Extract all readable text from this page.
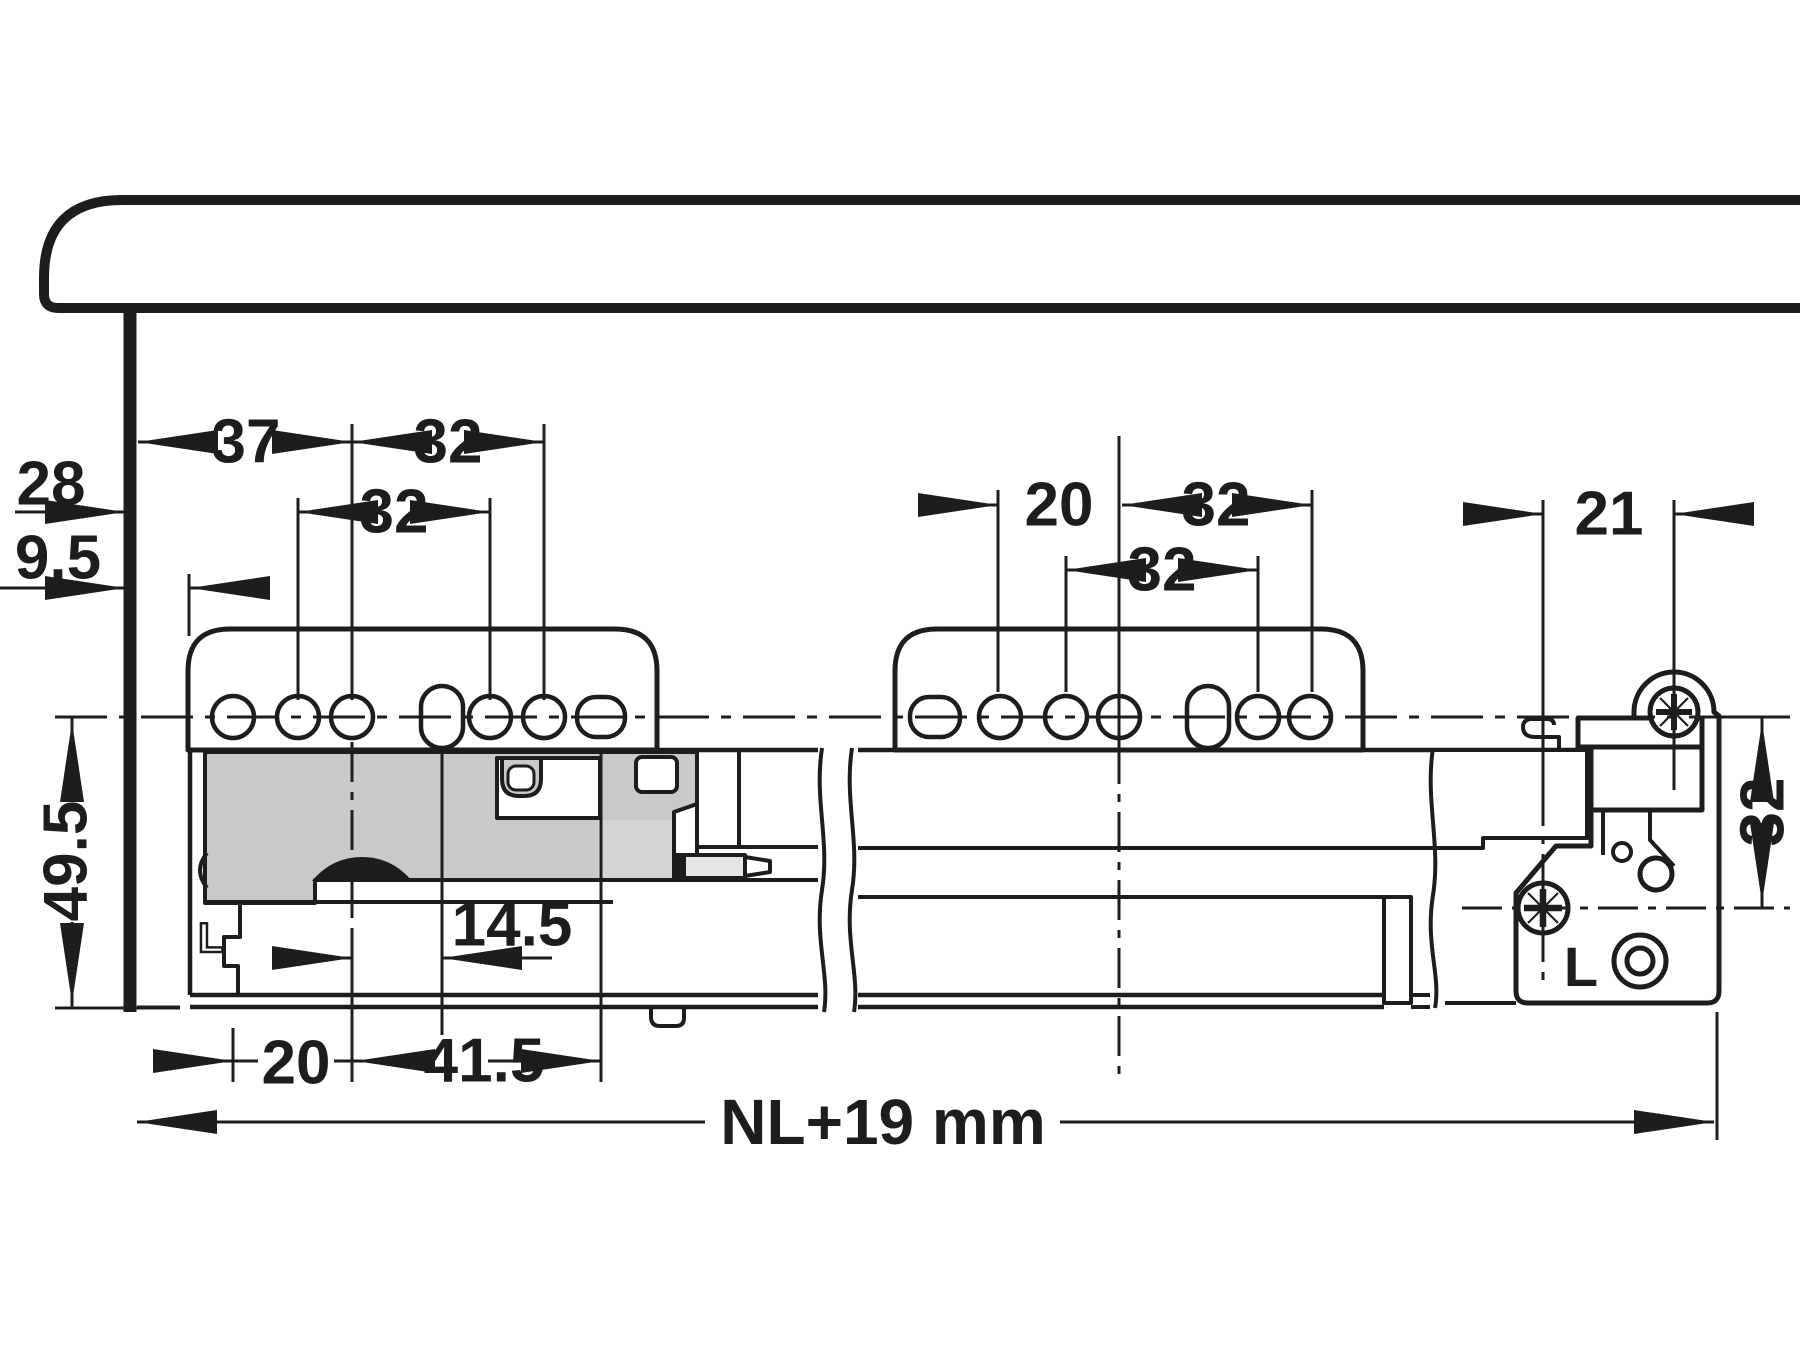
37 32
28	32
9.5
20 32
32
21
32
49.5
14.5
20 41.5
NL+19 mm
L	L
